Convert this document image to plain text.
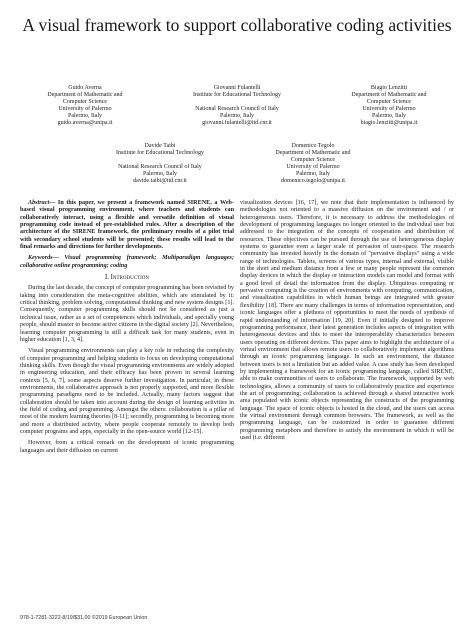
A visual framework to support collaborative coding activities
Guido Averna
Department of Mathematic and
Computer Science
University of Palermo
Palermo, Italy
guido.averna@unipa.it
Giovanni Fulantelli
Institute for Educational Technology
National Research Council of Italy
Palermo, Italy
giovanni.fulantelli@itd.cnr.it
Biagio Lenzitti
Department of Mathematic and
Computer Science
University of Palermo
Palermo, Italy
biagio.lenzitti@unipa.it
Davide Taibi
Institute for Educational Technology
National Research Council of Italy
Palermo, Italy
davide.taibi@itd.cnr.it
Domenico Tegolo
Department of Mathematic and
Computer Science
University of Palermo
Palermo, Italy
domenico.tegolo@unipa.it

Abstract— In this paper, we present a framework named SIRENE, a Web-based visual programming environment, where teachers and students can collaboratively interact, using a flexible and versatile definition of visual programming code instead of pre-established rules. After a description of the architecture of the SIRENE framework, the preliminary results of a pilot trial with secondary school students will be presented; these results will lead to the final remarks and directions for further developments.

Keywords— Visual programming framework; Multiparadigm languages; collaborative online programming; coding

I. Introduction

During the last decade, the concept of computer programming has been revisited by taking into consideration the meta-cognitive abilities, which are stimulated by it: critical thinking, problem solving, computational thinking and new system designs [1]. Consequently, computer programming skills should not be considered as just a technical issue, rather as a set of competences which individuals, and specially young people, should master to become active citizens in the digital society [2]. Nevertheless, learning computer programming is still a difficult task for many students, even in higher education [1, 3, 4].

Visual programming environments can play a key role in reducing the complexity of computer programming and helping students to focus on developing computational thinking skills. Even though the visual programming environments are widely adopted in engineering education, and their efficacy has been proven in several learning contexts [5, 6, 7], some aspects deserve further investigation. In particular, in these environments, the collaborative approach is not properly supported, and more flexible programming paradigms need to be included. Actually, many factors suggest that collaboration should be taken into account during the design of learning activities in the field of coding and programming. Amongst the others: collaboration is a pillar of most of the modern learning theories [8-11]; secondly, programming is becoming more and more a distributed activity, where people cooperate remotely to develop both computer programs and apps, especially in the open-source world [12-15].

However, from a critical remark on the development of iconic programming languages and their diffusion on current

visualization devices [16, 17], we note that their implementation is influenced by methodologies not oriented to a massive diffusion on the environment and / or heterogeneous users. Therefore, it is necessary to address the methodologies of development of programming languages no longer oriented to the individual user but addressed to the integration of the concepts of cooperation and distribution of resources. These objectives can be pursued through the use of heterogeneous display systems to guarantee even a larger scale of pervasion of user-space. The research community has invested heavily in the domain of "pervasive displays" using a wide range of technologies. Tablets, screens of various types, internal and external, visible in the short and medium distance from a few or many people represent the common display devices in which the display or interaction models can model and format with a good level of detail the information from the display. Ubiquitous computing or pervasive computing is the creation of environments with computing, communication, and visualization capabilities in which human beings are integrated with greater flexibility [18]. There are many challenges in terms of information representation, and iconic languages offer a plethora of opportunities to meet the needs of synthesis of rapid understanding of information [19, 20]. Even if initially designed to improve programming performance, their latest generation includes aspects of integration with heterogeneous devices and this to meet the interoperability characteristics between users operating on different devices. This paper aims to highlight the architecture of a virtual environment that allows remote users to collaboratively implement algorithms through an iconic programming language. In such an environment, the distance between users is not a limitation but an added value. A case study has been developed by implementing a framework for an iconic programming language, called SIRENE, able to make communities of users to collaborate. The framework, supported by web technologies, allows a community of users to collaboratively practice and experience the art of programming; collaboration is achieved through a shared interactive work area populated with iconic objects representing the constructs of the programming language. The space of iconic objects is hosted in the cloud, and the users can access the virtual environment through common browsers. The framework, as well as the programming language, can be customized in order to guarantee different programming metaphors and therefore to satisfy the environment in which it will be used (i.e. different

978-1-7281-3222-8/19/$31.00 ©2019 European Union
